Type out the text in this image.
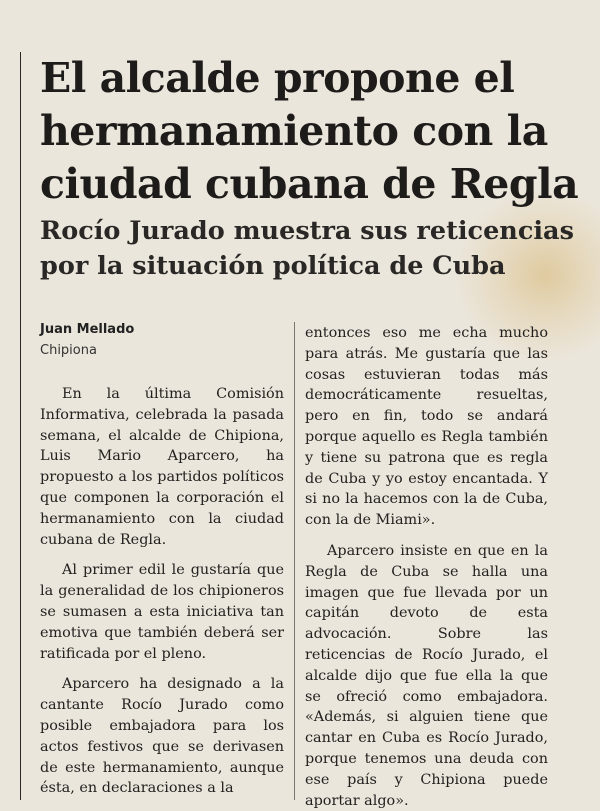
El alcalde propone el hermanamiento con la ciudad cubana de Regla
Rocío Jurado muestra sus reticencias por la situación política de Cuba
Juan Mellado
Chipiona

En la última Comisión Informativa, celebrada la pasada semana, el alcalde de Chipiona, Luis Mario Aparcero, ha propuesto a los partidos políticos que componen la corporación el hermanamiento con la ciudad cubana de Regla.

Al primer edil le gustaría que la generalidad de los chipioneros se sumasen a esta iniciativa tan emotiva que también deberá ser ratificada por el pleno.

Aparcero ha designado a la cantante Rocío Jurado como posible embajadora para los actos festivos que se derivasen de este hermanamiento, aunque ésta, en declaraciones a la

entonces eso me echa mucho para atrás. Me gustaría que las cosas estuvieran todas más democráticamente resueltas, pero en fin, todo se andará porque aquello es Regla también y tiene su patrona que es regla de Cuba y yo estoy encantada. Y si no la hacemos con la de Cuba, con la de Miami».

Aparcero insiste en que en la Regla de Cuba se halla una imagen que fue llevada por un capitán devoto de esta advocación. Sobre las reticencias de Rocío Jurado, el alcalde dijo que fue ella la que se ofreció como embajadora. «Además, si alguien tiene que cantar en Cuba es Rocío Jurado, porque tenemos una deuda con ese país y Chipiona puede aportar algo».
